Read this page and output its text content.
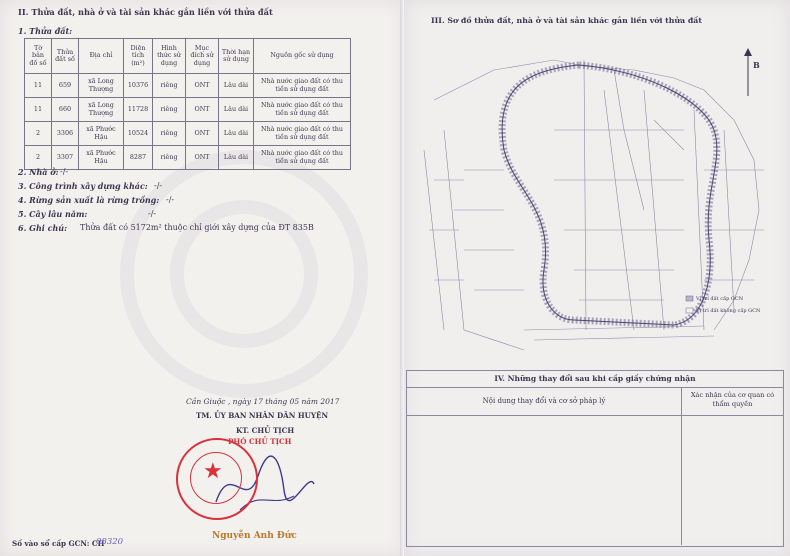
II. Thửa đất, nhà ở và tài sản khác gắn liền với thửa đất
1. Thửa đất:
Tờ bản đồ số	Thửa đất số	Địa chỉ	Diện tích (m²)	Hình thức sử dụng	Mục đích sử dụng	Thời hạn sử dụng	Nguồn gốc sử dụng
11	659	xã Long Thượng	10376	riêng	ONT	Lâu dài	Nhà nước giao đất có thu tiền sử dụng đất
11	660	xã Long Thượng	11728	riêng	ONT	Lâu dài	Nhà nước giao đất có thu tiền sử dụng đất
2	3306	xã Phước Hậu	10524	riêng	ONT	Lâu dài	Nhà nước giao đất có thu tiền sử dụng đất
2	3307	xã Phước Hậu	8287	riêng	ONT	Lâu dài	Nhà nước giao đất có thu tiền sử dụng đất
2. Nhà ở: -/-
3. Công trình xây dựng khác: -/-
4. Rừng sản xuất là rừng trồng: -/-
5. Cây lâu năm:	-/-
6. Ghi chú: Thửa đất có 5172m² thuộc chỉ giới xây dựng của ĐT 835B
Cần Giuộc , ngày 17 tháng 05 năm 2017
TM. ỦY BAN NHÂN DÂN HUYỆN
KT. CHỦ TỊCH
PHÓ CHỦ TỊCH
★
Nguyễn Anh Đức
Số vào sổ cấp GCN: CH
08320
III. Sơ đồ thửa đất, nhà ở và tài sản khác gắn liền với thửa đất
Vị trí đất cấp GCN
Vị trí đất không cấp GCN
B
IV. Những thay đổi sau khi cấp giấy chứng nhận
Nội dung thay đổi và cơ sở pháp lý
Xác nhận của cơ quan có thẩm quyền
